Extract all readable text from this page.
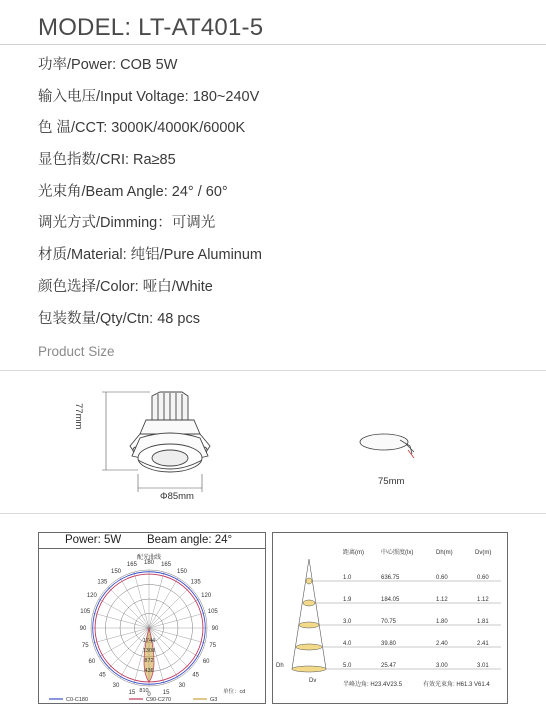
MODEL: LT-AT401-5
功率/Power: COB 5W
输入电压/Input Voltage: 180~240V
色 温/CCT: 3000K/4000K/6000K
显色指数/CRI: Ra≥85
光束角/Beam Angle: 24° / 60°
调光方式/Dimming：可调光
材质/Material: 纯铝/Pure Aluminum
颜色选择/Color: 哑白/White
包装数量/Qty/Ctn: 48 pcs
Product Size
77mm
Φ85mm
75mm
Power: 5W Beam angle: 24°
配光曲线
150
135
120
105
90
75
60
45
30
150
135
120
105
90
75
60
45
30
165 180 165
15 0 15
1744
1308
872
436
810	单位：cd
C0-C180	C90-C270	G3
距离(m)	中心照度(lx)	Dh(m)	Dv(m)
1.0	636.75	0.60	0.60
1.9	184.05	1.12	1.12
3.0	70.75	1.80	1.81
4.0	39.80	2.40	2.41
5.0	25.47	3.00	3.01
Dh
Dv
半峰边角: H23.4V23.5	有效光束角: H61.3 V61.4
